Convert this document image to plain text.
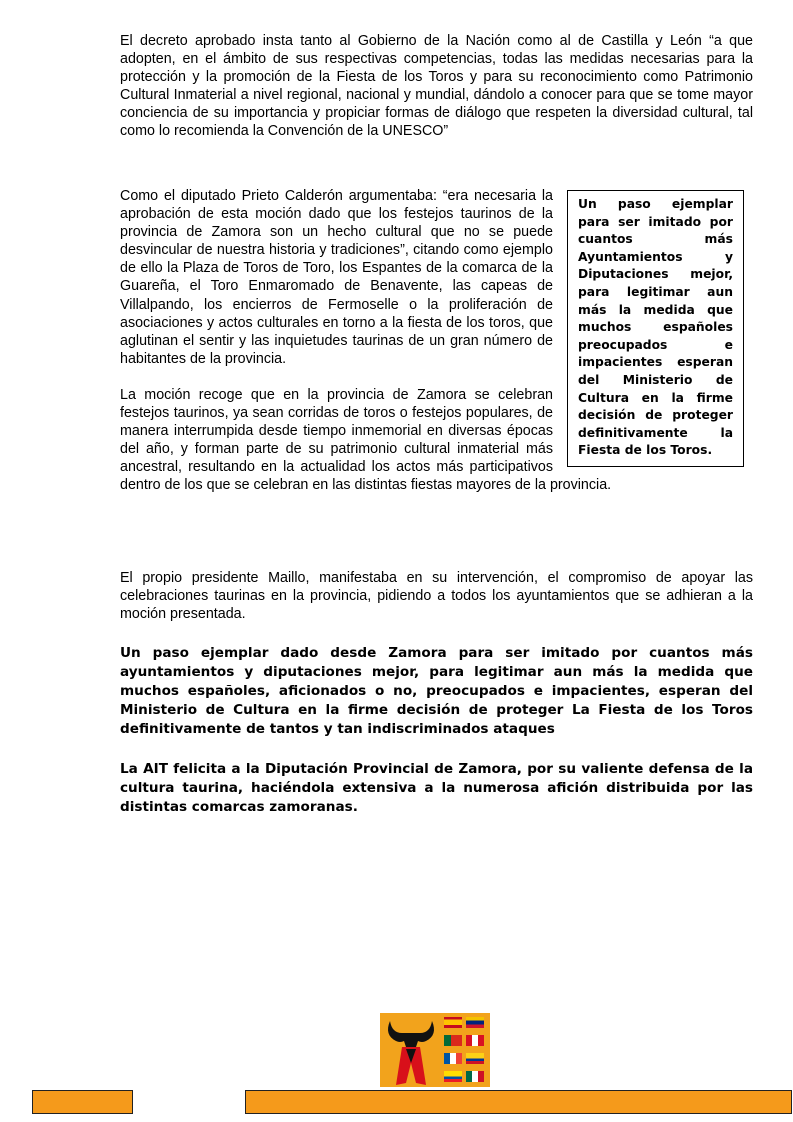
El decreto aprobado insta tanto al Gobierno de la Nación como al de Castilla y León “a que adopten, en el ámbito de sus respectivas competencias, todas las medidas necesarias para la protección y la promoción de la Fiesta de los Toros y para su reconocimiento como Patrimonio Cultural Inmaterial a nivel regional, nacional y mundial, dándolo a conocer para que se tome mayor conciencia de su importancia y propiciar formas de diálogo que respeten la diversidad cultural, tal como lo recomienda la Convención de la UNESCO”

Como el diputado Prieto Calderón argumentaba: “era necesaria la aprobación de esta moción dado que los festejos taurinos de la provincia de Zamora son un hecho cultural que no se puede desvincular de nuestra historia y tradiciones”, citando como ejemplo de ello la Plaza de Toros de Toro, los Espantes de la comarca de la Guareña, el Toro Enmaromado de Benavente, las capeas de Villalpando, los encierros de Fermoselle o la proliferación de asociaciones y actos culturales en torno a la fiesta de los toros, que aglutinan el sentir y las inquietudes taurinas de un gran número de habitantes de la provincia.

La moción recoge que en la provincia de Zamora se celebran festejos taurinos, ya sean corridas de toros o festejos populares, de manera interrumpida desde tiempo inmemorial en diversas épocas del año, y forman parte de su patrimonio cultural inmaterial más ancestral, resultando en la actualidad los actos más participativos dentro de los que se celebran en las distintas fiestas mayores de la provincia.

Un paso ejemplar para ser imitado por cuantos más Ayuntamientos y Diputaciones mejor, para legitimar aun más la medida que muchos españoles preocupados e impacientes esperan del Ministerio de Cultura en la firme decisión de proteger definitivamente la Fiesta de los Toros.

El propio presidente Maillo, manifestaba en su intervención, el compromiso de apoyar las celebraciones taurinas en la provincia, pidiendo a todos los ayuntamientos que se adhieran a la moción presentada.

Un paso ejemplar dado desde Zamora para ser imitado por cuantos más ayuntamientos y diputaciones mejor, para legitimar aun más la medida que muchos españoles, aficionados o no, preocupados e impacientes, esperan del Ministerio de Cultura en la firme decisión de proteger La Fiesta de los Toros definitivamente de tantos y tan indiscriminados ataques

La AIT felicita a la Diputación Provincial de Zamora, por su valiente defensa de la cultura taurina, haciéndola extensiva a la numerosa afición distribuida por las distintas comarcas zamoranas.
